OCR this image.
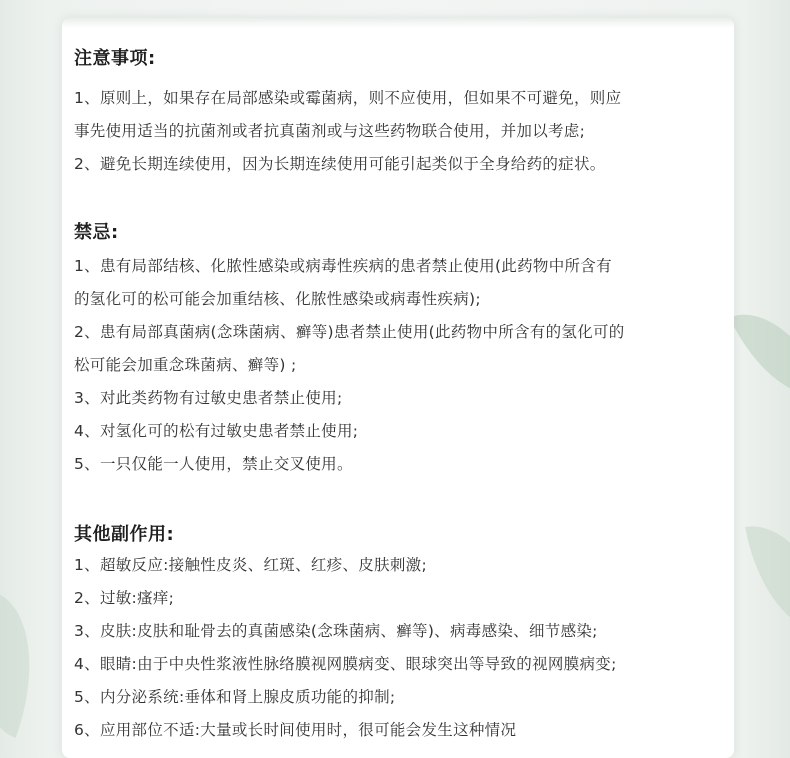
注意事项:

1、原则上，如果存在局部感染或霉菌病，则不应使用，但如果不可避免，则应

事先使用适当的抗菌剂或者抗真菌剂或与这些药物联合使用，并加以考虑;

2、避免长期连续使用，因为长期连续使用可能引起类似于全身给药的症状。

禁忌:

1、患有局部结核、化脓性感染或病毒性疾病的患者禁止使用(此药物中所含有

的氢化可的松可能会加重结核、化脓性感染或病毒性疾病);

2、患有局部真菌病(念珠菌病、癣等)患者禁止使用(此药物中所含有的氢化可的

松可能会加重念珠菌病、癣等) ;

3、对此类药物有过敏史患者禁止使用;

4、对氢化可的松有过敏史患者禁止使用;

5、一只仅能一人使用，禁止交叉使用。

其他副作用:

1、超敏反应:接触性皮炎、红斑、红疹、皮肤刺激;

2、过敏:瘙痒;

3、皮肤:皮肤和耻骨去的真菌感染(念珠菌病、癣等)、病毒感染、细节感染;

4、眼睛:由于中央性浆液性脉络膜视网膜病变、眼球突出等导致的视网膜病变;

5、内分泌系统:垂体和肾上腺皮质功能的抑制;

6、应用部位不适:大量或长时间使用时，很可能会发生这种情况
